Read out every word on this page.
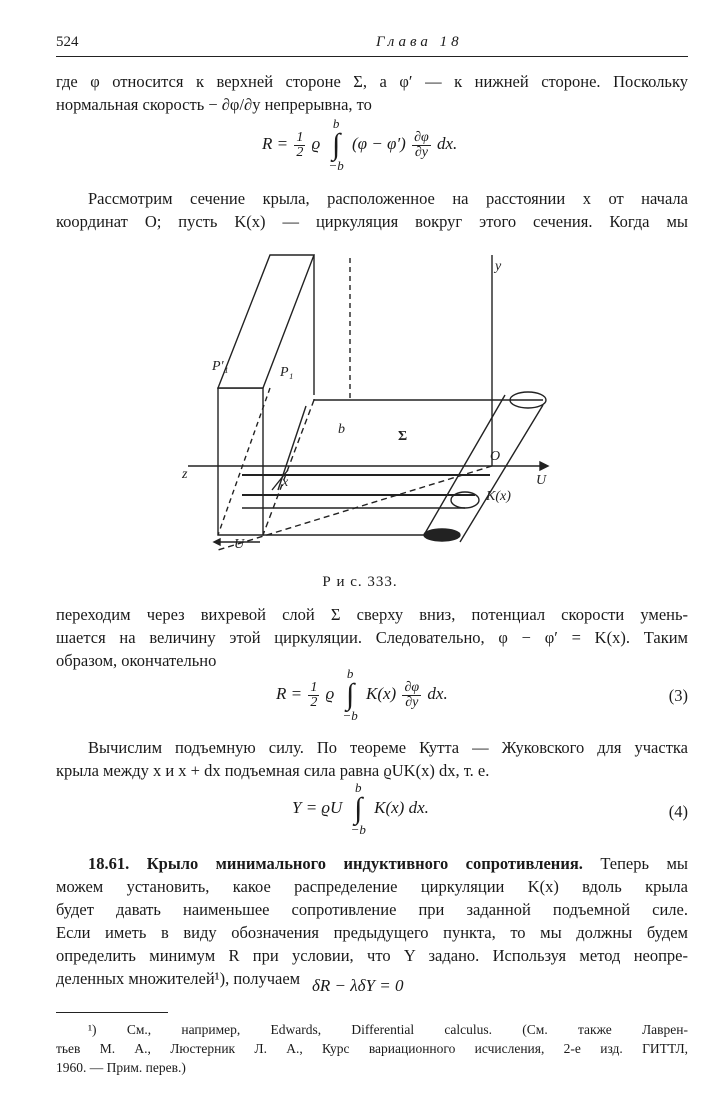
524	Глава 18
где φ относится к верхней стороне Σ, а φ′ — к нижней стороне. Поскольку
нормальная скорость − ∂φ/∂y непрерывна, то
$R = \frac{1}{2}$ ϱ b
∫
−b $(\varphi - \varphi') \frac{\partial\varphi}{\partial y}$ dx.
Рассмотрим сечение крыла, расположенное на расстоянии x от начала
координат O; пусть K(x) — циркуляция вокруг этого сечения. Когда мы
P′₁	P₁
b	Σ
O
U
z
x
y
K(x)
U
Р и с. 333.
переходим через вихревой слой Σ сверху вниз, потенциал скорости умень-
шается на величину этой циркуляции. Следовательно, φ − φ′ = K(x). Таким
образом, окончательно
$R = \frac{1}{2}$ ϱ b
∫
−b $K(x) \frac{\partial\varphi}{\partial y}$ dx.	(3)
Вычислим подъемную силу. По теореме Кутта — Жуковского для участка
крыла между x и x + dx подъемная сила равна ϱUK(x) dx, т. е.
Y = ϱU b
∫
−b K(x) dx.	(4)
18.61. Крыло минимального индуктивного сопротивления. Теперь мы
можем установить, какое распределение циркуляции K(x) вдоль крыла
будет давать наименьшее сопротивление при заданной подъемной силе.
Если иметь в виду обозначения предыдущего пункта, то мы должны будем
определить минимум R при условии, что Y задано. Используя метод неопре-
деленных множителей¹), получаем δR − λδY = 0
¹) См., например, Edwards, Differential calculus. (См. также Лаврен-
тьев М. А., Люстерник Л. А., Курс вариационного исчисления, 2-е изд. ГИТТЛ,
1960. — Прим. перев.)
